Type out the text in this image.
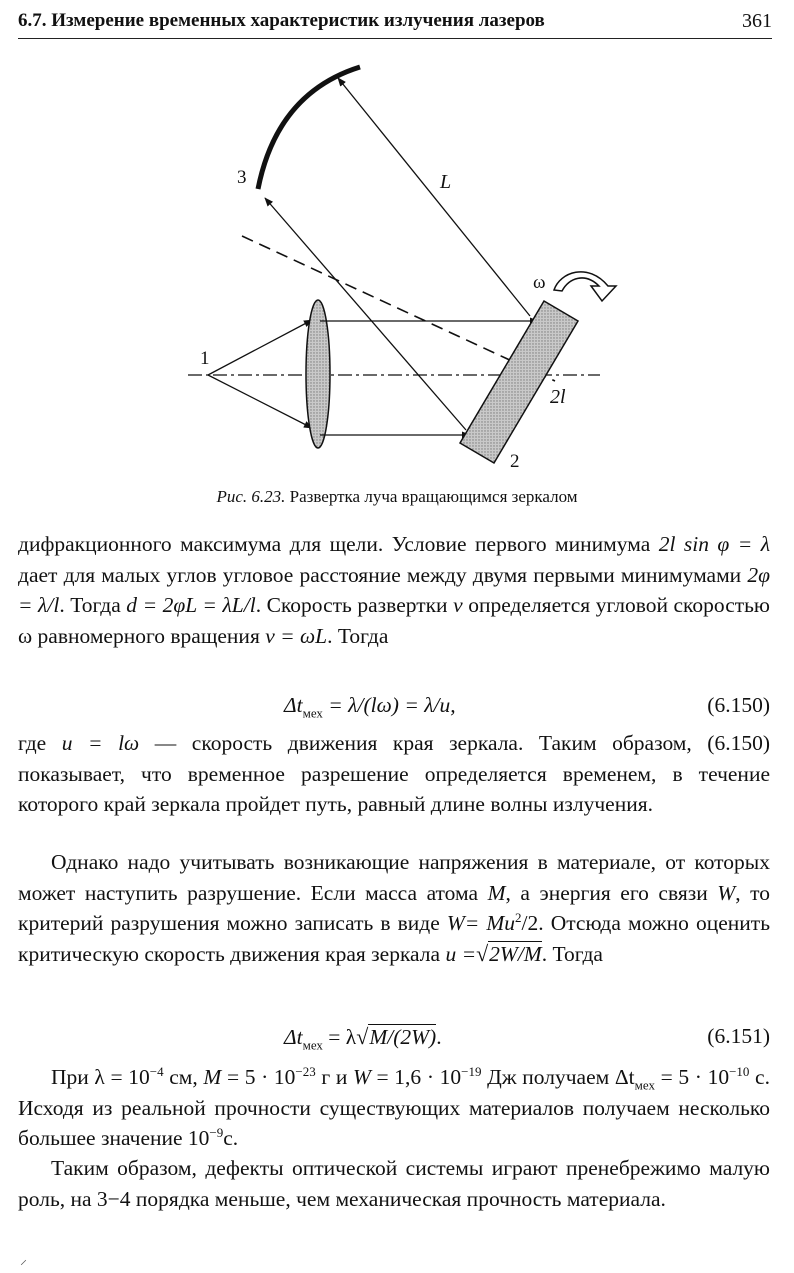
6.7. Измерение временных характеристик излучения лазеров	361
1
2
3	L
ω
2l
Рис. 6.23. Развертка луча вращающимся зеркалом

дифракционного максимума для щели. Условие первого минимума 2l sin φ = λ дает для малых углов угловое расстояние между двумя первыми минимумами 2φ = λ/l. Тогда d = 2φL = λL/l. Скорость развертки v определяется угловой скоростью ω равномерного вращения v = ωL. Тогда

$\Delta t_{мех} = \lambda/(l\omega) = \lambda/u$,	(6.150)

где u = lω — скорость движения края зеркала. Таким образом, (6.150) показывает, что временное разрешение определяется временем, в течение которого край зеркала пройдет путь, равный длине волны излучения.

Однако надо учитывать возникающие напряжения в материале, от которых может наступить разрушение. Если масса атома M, а энергия его связи W, то критерий разрушения можно записать в виде $W= Mu^2/2$. Отсюда можно оценить критическую скорость движения края зеркала u =√2W/M. Тогда

$\Delta t_{мех} = \lambda√M/(2W)$.	(6.151)

При $\lambda = 10^{-4}$ см, $M = 5 \cdot 10^{-23}$ г и $W = 1,6 \cdot 10^{-19}$ Дж получаем $\Delta t_{мех} = 5 \cdot 10^{-10}$ с. Исходя из реальной прочности существующих материалов получаем несколько большее значение $10^{-9}с$.

Таким образом, дефекты оптической системы играют пренебрежимо малую роль, на 3−4 порядка меньше, чем механическая прочность материала.

⸝
